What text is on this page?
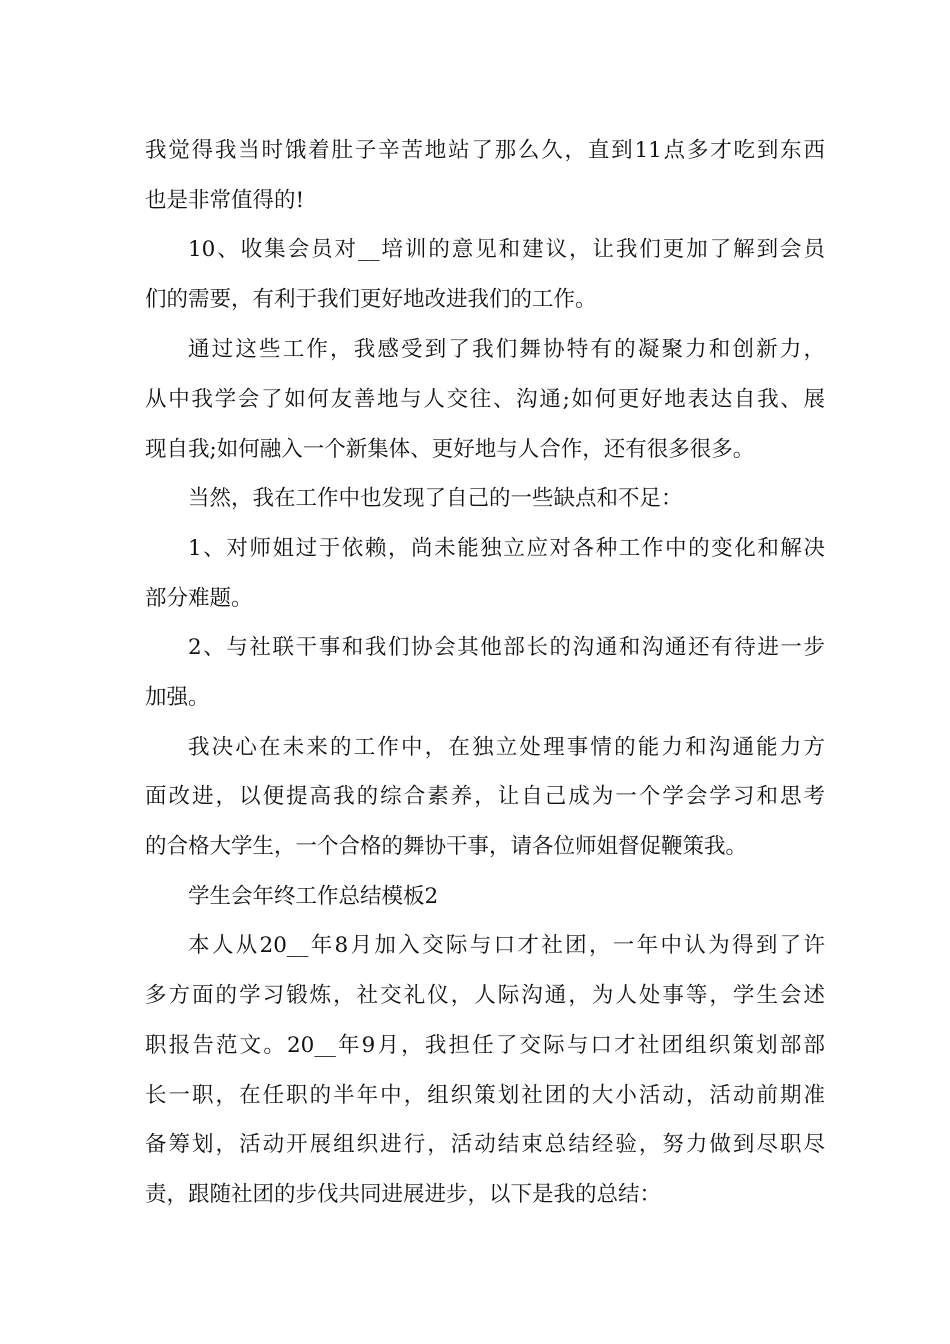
我觉得我当时饿着肚子辛苦地站了那么久，直到11点多才吃到东西
也是非常值得的!
10、收集会员对__培训的意见和建议，让我们更加了解到会员
们的需要，有利于我们更好地改进我们的工作。
通过这些工作，我感受到了我们舞协特有的凝聚力和创新力，
从中我学会了如何友善地与人交往、沟通;如何更好地表达自我、展
现自我;如何融入一个新集体、更好地与人合作，还有很多很多。
当然，我在工作中也发现了自己的一些缺点和不足：
1、对师姐过于依赖，尚未能独立应对各种工作中的变化和解决
部分难题。
2、与社联干事和我们协会其他部长的沟通和沟通还有待进一步
加强。
我决心在未来的工作中，在独立处理事情的能力和沟通能力方
面改进，以便提高我的综合素养，让自己成为一个学会学习和思考
的合格大学生，一个合格的舞协干事，请各位师姐督促鞭策我。
学生会年终工作总结模板2
本人从20__年8月加入交际与口才社团，一年中认为得到了许
多方面的学习锻炼，社交礼仪，人际沟通，为人处事等，学生会述
职报告范文。20__年9月，我担任了交际与口才社团组织策划部部
长一职，在任职的半年中，组织策划社团的大小活动，活动前期准
备筹划，活动开展组织进行，活动结束总结经验，努力做到尽职尽
责，跟随社团的步伐共同进展进步，以下是我的总结：
